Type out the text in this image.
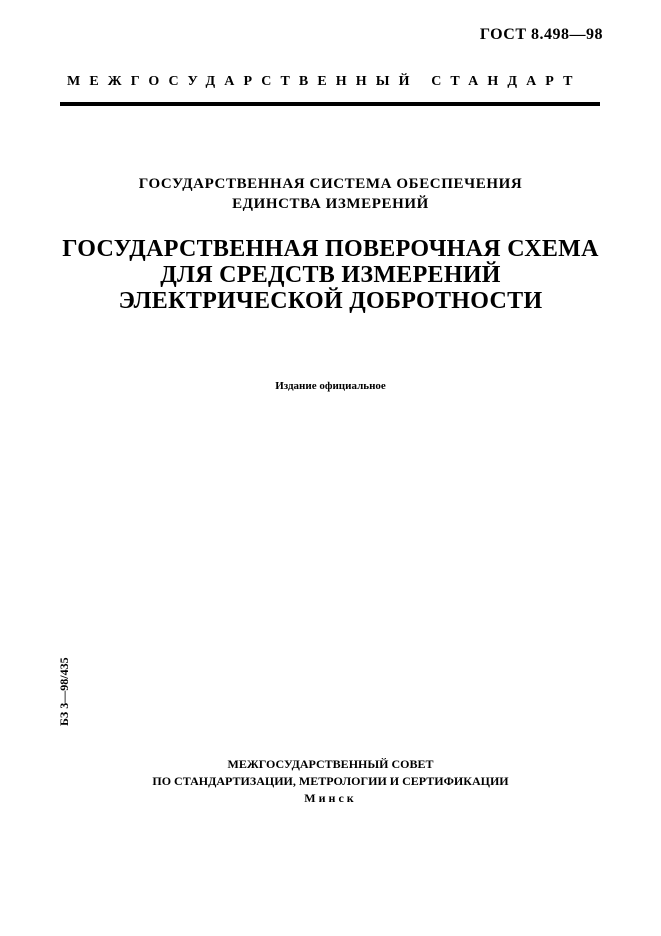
ГОСТ 8.498—98
МЕЖГОСУДАРСТВЕННЫЙ СТАНДАРТ
ГОСУДАРСТВЕННАЯ СИСТЕМА ОБЕСПЕЧЕНИЯ
ЕДИНСТВА ИЗМЕРЕНИЙ
ГОСУДАРСТВЕННАЯ ПОВЕРОЧНАЯ СХЕМА
ДЛЯ СРЕДСТВ ИЗМЕРЕНИЙ
ЭЛЕКТРИЧЕСКОЙ ДОБРОТНОСТИ
Издание официальное
БЗ 3—98/435
МЕЖГОСУДАРСТВЕННЫЙ СОВЕТ
ПО СТАНДАРТИЗАЦИИ, МЕТРОЛОГИИ И СЕРТИФИКАЦИИ
Минск
